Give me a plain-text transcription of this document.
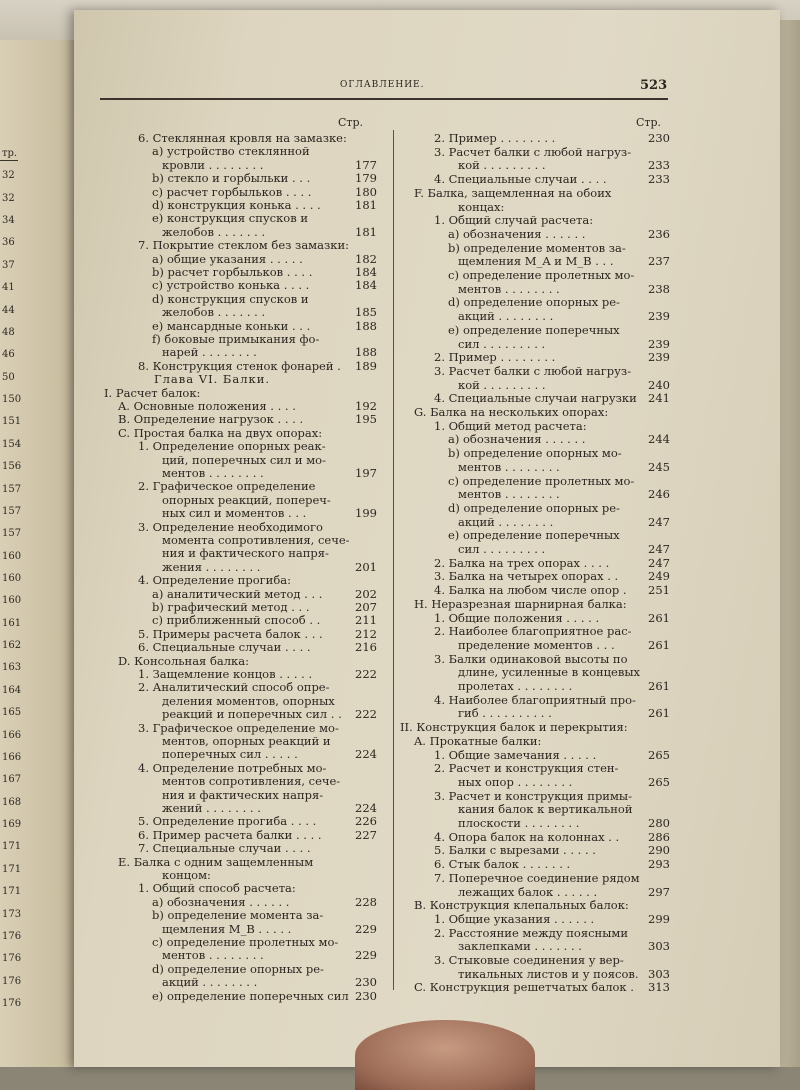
тр.
32
32
34
36
37
41
44
48
46
50
150
151
154
156
157
157
157
160
160
160
161
162
163
164
165
166
166
167
168
169
171
171
171
173
176
176
176
176
ОГЛАВЛЕНИЕ.	523
Стр.	Стр.
6. Стеклянная кровля на замазке:
a) устройство стеклянной
кровли . . . . . . . .	177
b) стекло и горбыльки . . .	179
c) расчет горбыльков . . . .	180
d) конструкция конька . . . .	181
e) конструкция спусков и
желобов . . . . . . .	181
7. Покрытие стеклом без замазки:
a) общие указания . . . . .	182
b) расчет горбыльков . . . .	184
c) устройство конька . . . .	184
d) конструкция спусков и
желобов . . . . . . .	185
e) мансардные коньки . . .	188
f) боковые примыкания фо-
нарей . . . . . . . .	188
8. Конструкция стенок фонарей . 189
Глава VI. Балки.
I. Расчет балок:
A. Основные положения . . . .	192
B. Определение нагрузок . . . .	195
C. Простая балка на двух опорах:
1. Определение опорных реак-
ций, поперечных сил и мо-
ментов . . . . . . . .	197
2. Графическое определение
опорных реакций, попереч-
ных сил и моментов . . .	199
3. Определение необходимого
момента сопротивления, сече-
ния и фактического напря-
жения . . . . . . . .	201
4. Определение прогиба:
a) аналитический метод . . .	202
b) графический метод . . .	207
c) приближенный способ . .	211
5. Примеры расчета балок . . .	212
6. Специальные случаи . . . .	216
D. Консольная балка:
1. Защемление концов . . . . .	222
2. Аналитический способ опре-
деления моментов, опорных
реакций и поперечных сил . . 222
3. Графическое определение мо-
ментов, опорных реакций и
поперечных сил . . . . .	224
4. Определение потребных мо-
ментов сопротивления, сече-
ния и фактических напря-
жений . . . . . . . .	224
5. Определение прогиба . . . .	226
6. Пример расчета балки . . . .	227
7. Специальные случаи . . . .
E. Балка с одним защемленным
концом:
1. Общий способ расчета:
a) обозначения . . . . . .	228
b) определение момента за-
щемления M_B . . . . .	229
c) определение пролетных мо-
ментов . . . . . . . .	229
d) определение опорных ре-
акций . . . . . . . .	230
e) определение поперечных сил 230
2. Пример . . . . . . . .	230
3. Расчет балки с любой нагруз-
кой . . . . . . . . .	233
4. Специальные случаи . . . .	233
F. Балка, защемленная на обоих
концах:
1. Общий случай расчета:
a) обозначения . . . . . .	236
b) определение моментов за-
щемления M_A и M_B . . .	237
c) определение пролетных мо-
ментов . . . . . . . .	238
d) определение опорных ре-
акций . . . . . . . .	239
e) определение поперечных
сил . . . . . . . . .	239
2. Пример . . . . . . . .	239
3. Расчет балки с любой нагруз-
кой . . . . . . . . .	240
4. Специальные случаи нагрузки 241
G. Балка на нескольких опорах:
1. Общий метод расчета:
a) обозначения . . . . . .	244
b) определение опорных мо-
ментов . . . . . . . .	245
c) определение пролетных мо-
ментов . . . . . . . .	246
d) определение опорных ре-
акций . . . . . . . .	247
e) определение поперечных
сил . . . . . . . . .	247
2. Балка на трех опорах . . . .	247
3. Балка на четырех опорах . .	249
4. Балка на любом числе опор . 251
H. Неразрезная шарнирная балка:
1. Общие положения . . . . .	261
2. Наиболее благоприятное рас-
пределение моментов . . .	261
3. Балки одинаковой высоты по
длине, усиленные в концевых
пролетах . . . . . . . .	261
4. Наиболее благоприятный про-
гиб . . . . . . . . . .	261
II. Конструкция балок и перекрытия:
A. Прокатные балки:
1. Общие замечания . . . . .	265
2. Расчет и конструкция стен-
ных опор . . . . . . . .	265
3. Расчет и конструкция примы-
кания балок к вертикальной
плоскости . . . . . . . .	280
4. Опора балок на колоннах . .	286
5. Балки с вырезами . . . . .	290
6. Стык балок . . . . . . .	293
7. Поперечное соединение рядом
лежащих балок . . . . . .	297
B. Конструкция клепальных балок:
1. Общие указания . . . . . .	299
2. Расстояние между поясными
заклепками . . . . . . .	303
3. Стыковые соединения у вер-
тикальных листов и у поясов. 303
C. Конструкция решетчатых балок . 313
